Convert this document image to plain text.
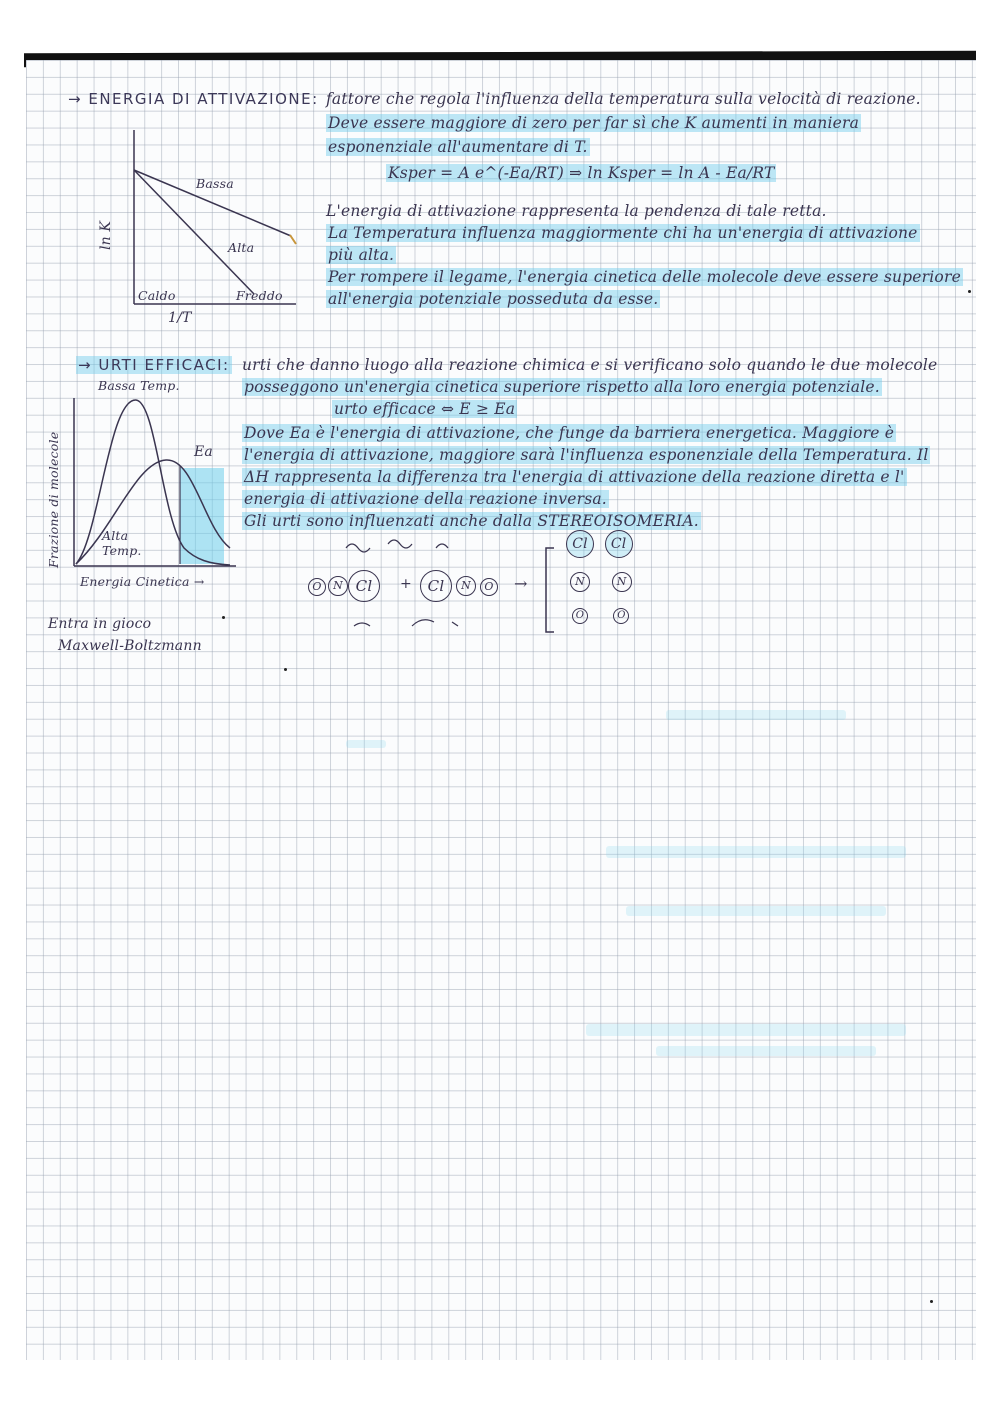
→ ENERGIA DI ATTIVAZIONE: fattore che regola l'influenza della temperatura sulla velocità di reazione.
Deve essere maggiore di zero per far sì che K aumenti in maniera
esponenziale all'aumentare di T.
Ksper = A e^(-Ea/RT) ⇒ ln Ksper = ln A - Ea/RT
L'energia di attivazione rappresenta la pendenza di tale retta.
La Temperatura influenza maggiormente chi ha un'energia di attivazione
più alta.
Per rompere il legame, l'energia cinetica delle molecole deve essere superiore
all'energia potenziale posseduta da esse.
Bassa
Alta
Caldo	Freddo
ln K
1/T
→ URTI EFFICACI: urti che danno luogo alla reazione chimica e si verificano solo quando le due molecole
posseggono un'energia cinetica superiore rispetto alla loro energia potenziale.
urto efficace ⇔ E ≥ Ea
Dove Ea è l'energia di attivazione, che funge da barriera energetica. Maggiore è
l'energia di attivazione, maggiore sarà l'influenza esponenziale della Temperatura. Il
ΔH rappresenta la differenza tra l'energia di attivazione della reazione diretta e l'
energia di attivazione della reazione inversa.
Gli urti sono influenzati anche dalla STEREOISOMERIA.
Bassa Temp.
Alta Temp.
Ea
Frazione di molecole
Energia Cinetica →
Entra in gioco
Maxwell-Boltzmann
O	N Cl	+	Cl	N	O →
Cl Cl
N	N
O	O
